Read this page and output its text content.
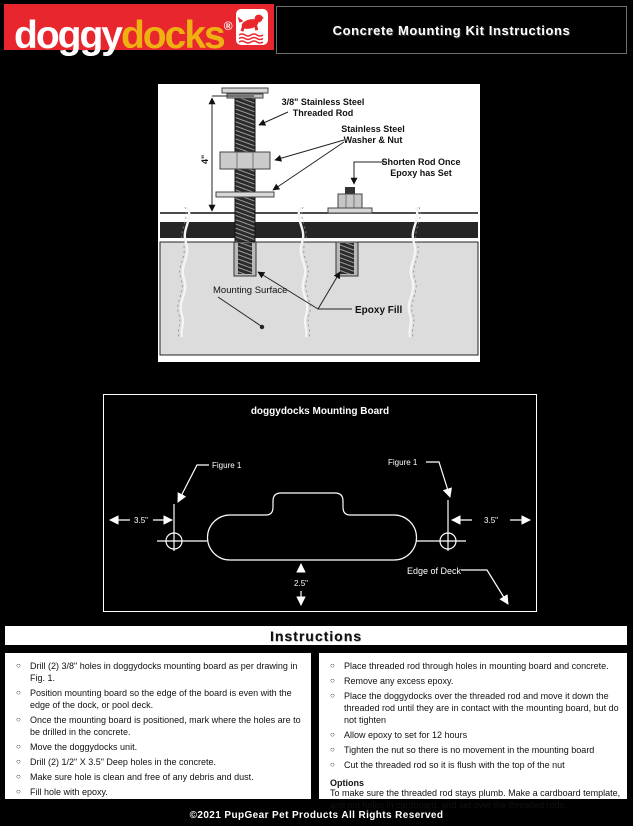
doggydocks®	Concrete Mounting Kit Instructions
4"
3/8" Stainless Steel
Threaded Rod
Stainless Steel
Washer & Nut
Shorten Rod Once
Epoxy has Set
Mounting Surface
Epoxy Fill
doggydocks Mounting Board
Figure 1	Figure 1
3.5"	3.5"
2.5"
Edge of Deck
Instructions
○ Drill (2) 3/8" holes in doggydocks mounting board as per drawing in Fig. 1.
○ Position mounting board so the edge of the board is even with the edge of the dock, or pool deck.
○ Once the mounting board is positioned, mark where the holes are to be drilled in the concrete.
○ Move the doggydocks unit.
○ Drill (2) 1/2" X 3.5" Deep holes in the concrete.
○ Make sure hole is clean and free of any debris and dust.
○ Fill hole with epoxy.
○ Place threaded rod through holes in mounting board and concrete.
○ Remove any excess epoxy.
○ Place the doggydocks over the threaded rod and move it down the threaded rod until they are in contact with the mounting board, but do not tighten
○ Allow epoxy to set for 12 hours
○ Tighten the nut so there is no movement in the mounting board
○ Cut the threaded rod so it is flush with the top of the nut
Options
To make sure the threaded rod stays plumb. Make a cardboard template, and put holes in cardboard, and set over the threaded rods.
©2021 PupGear Pet Products All Rights Reserved
